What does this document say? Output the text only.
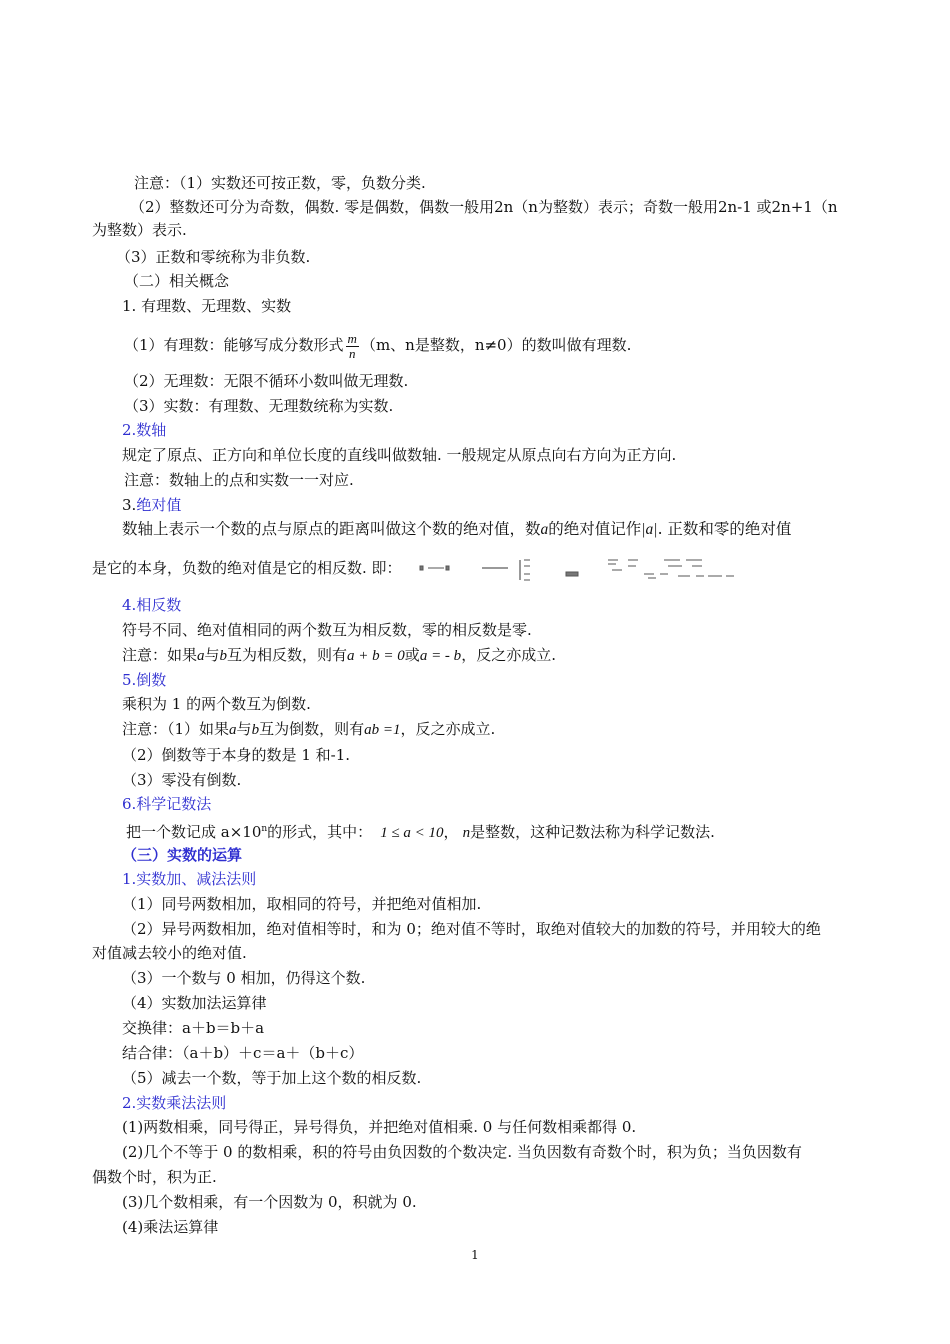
注意：（1）实数还可按正数，零，负数分类.
（2）整数还可分为奇数，偶数. 零是偶数，偶数一般用2n（n为整数）表示；奇数一般用2n-1 或2n+1（n
为整数）表示.
（3）正数和零统称为非负数.
（二）相关概念
1. 有理数、无理数、实数
（1）有理数：能够写成分数形式 $\frac{m}{n} (m$、n是整数，n≠0）的数叫做有理数.
（2）无理数：无限不循环小数叫做无理数.
（3）实数：有理数、无理数统称为实数.
2.数轴
规定了原点、正方向和单位长度的直线叫做数轴. 一般规定从原点向右方向为正方向.
注意：数轴上的点和实数一一对应.
3.绝对值
数轴上表示一个数的点与原点的距离叫做这个数的绝对值，数a的绝对值记作|a|. 正数和零的绝对值
是它的本身，负数的绝对值是它的相反数. 即：
4.相反数
符号不同、绝对值相同的两个数互为相反数，零的相反数是零.
注意：如果a与b互为相反数，则有a + b = 0或a = - b，反之亦成立.
5.倒数
乘积为 1 的两个数互为倒数.
注意：（1）如果a与b互为倒数，则有ab =1，反之亦成立.
（2）倒数等于本身的数是 1 和-1.
（3）零没有倒数.
6.科学记数法
把一个数记成 $a\times 10^n$的形式，其中： 1 ≤ a < 10， n是整数，这种记数法称为科学记数法.
（三）实数的运算
1.实数加、减法法则
（1）同号两数相加，取相同的符号，并把绝对值相加.
（2）异号两数相加，绝对值相等时，和为 0；绝对值不等时，取绝对值较大的加数的符号，并用较大的绝
对值减去较小的绝对值.
（3）一个数与 0 相加，仍得这个数.
（4）实数加法运算律
交换律：a＋b＝b＋a
结合律：（a＋b）＋c＝a＋（b＋c）
（5）减去一个数，等于加上这个数的相反数.
2.实数乘法法则
(1)两数相乘，同号得正，异号得负，并把绝对值相乘. 0 与任何数相乘都得 0.
(2)几个不等于 0 的数相乘，积的符号由负因数的个数决定. 当负因数有奇数个时，积为负；当负因数有
偶数个时，积为正.
(3)几个数相乘，有一个因数为 0，积就为 0.
(4)乘法运算律
1
